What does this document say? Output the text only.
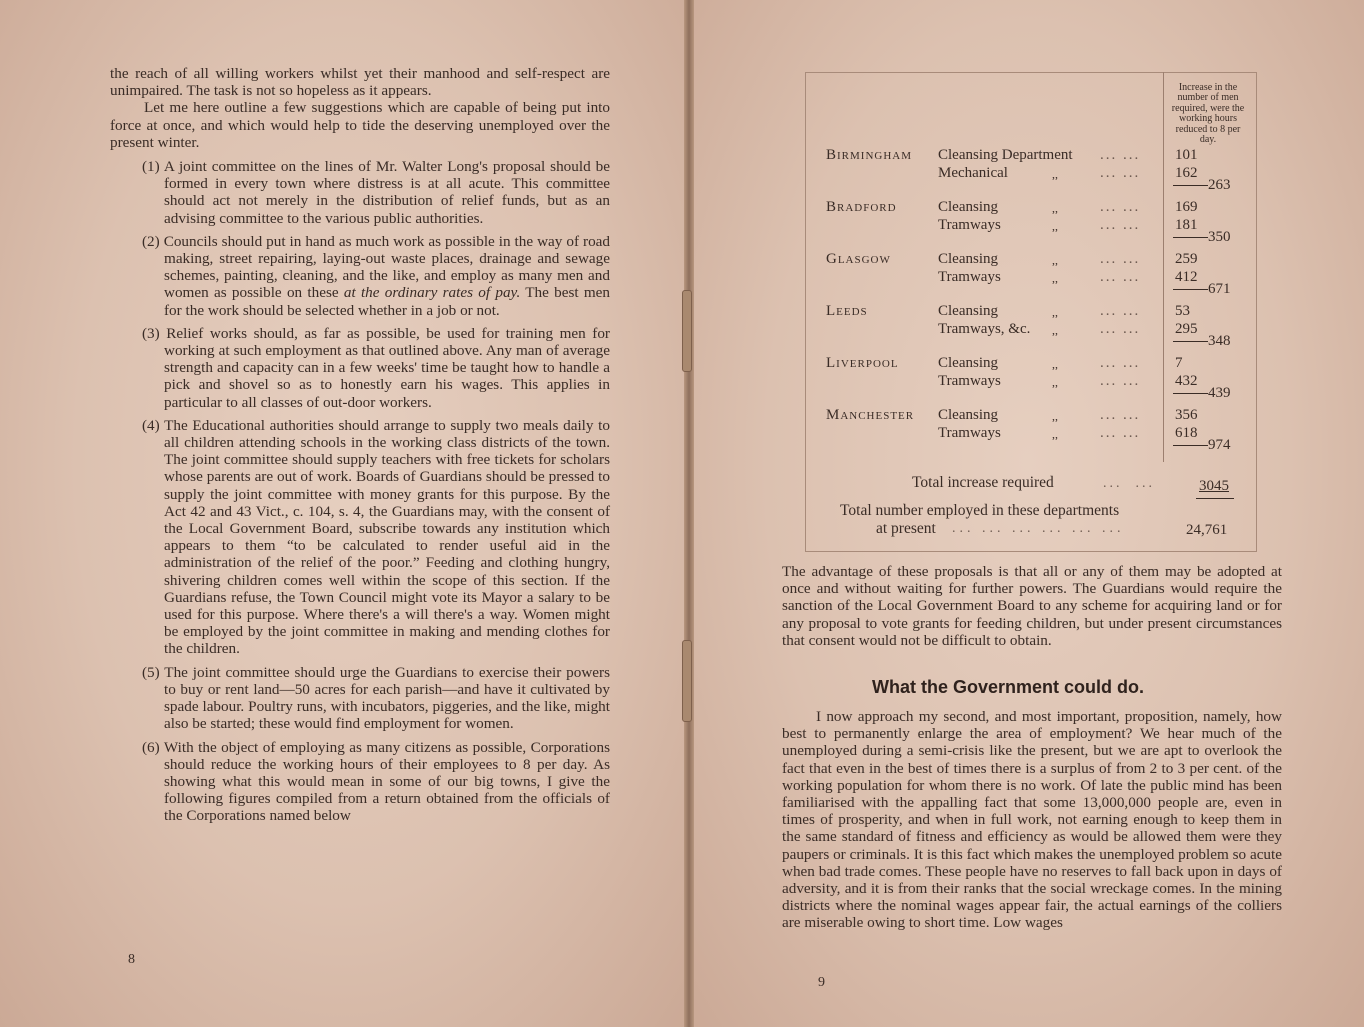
the reach of all willing workers whilst yet their manhood and self-respect are unimpaired. The task is not so hopeless as it appears.

Let me here outline a few suggestions which are capable of being put into force at once, and which would help to tide the deserving unemployed over the present winter.

(1) A joint committee on the lines of Mr. Walter Long's proposal should be formed in every town where distress is at all acute. This committee should act not merely in the distribution of relief funds, but as an advising committee to the various public authorities.

(2) Councils should put in hand as much work as possible in the way of road making, street repairing, laying-out waste places, drainage and sewage schemes, painting, cleaning, and the like, and employ as many men and women as possible on these at the ordinary rates of pay. The best men for the work should be selected whether in a job or not.

(3) Relief works should, as far as possible, be used for training men for working at such employment as that outlined above. Any man of average strength and capacity can in a few weeks' time be taught how to handle a pick and shovel so as to honestly earn his wages. This applies in particular to all classes of out-door workers.

(4) The Educational authorities should arrange to supply two meals daily to all children attending schools in the working class districts of the town. The joint committee should supply teachers with free tickets for scholars whose parents are out of work. Boards of Guardians should be pressed to supply the joint committee with money grants for this purpose. By the Act 42 and 43 Vict., c. 104, s. 4, the Guardians may, with the consent of the Local Government Board, subscribe towards any institution which appears to them “to be calculated to render useful aid in the administration of the relief of the poor.” Feeding and clothing hungry, shivering children comes well within the scope of this section. If the Guardians refuse, the Town Council might vote its Mayor a salary to be used for this purpose. Where there's a will there's a way. Women might be employed by the joint committee in making and mending clothes for the children.

(5) The joint committee should urge the Guardians to exercise their powers to buy or rent land—50 acres for each parish—and have it cultivated by spade labour. Poultry runs, with incubators, piggeries, and the like, might also be started; these would find employment for women.

(6) With the object of employing as many citizens as possible, Corporations should reduce the working hours of their employees to 8 per day. As showing what this would mean in some of our big towns, I give the following figures compiled from a return obtained from the officials of the Corporations named below

8
Increase in the number of men required, were the working hours reduced to 8 per day.
Birmingham Cleansing Department ... ... 101
Mechanical	,,	... ... 162
263
Bradford	Cleansing	,,	... ... 169
Tramways	,,	... ... 181
350
Glasgow	Cleansing	,,	... ... 259
Tramways	,,	... ... 412
671
Leeds	Cleansing	,,	... ... 53
Tramways, &c. ,,	... ... 295
348
Liverpool	Cleansing	,,	... ... 7
Tramways	,,	... ... 432
439
Manchester Cleansing	,,	... ... 356
Tramways	,,	... ... 618
974
Total increase required	...  ...	3045
Total number employed in these departments
at present ... ... ... ... ... ...	24,761
The advantage of these proposals is that all or any of them may be adopted at once and without waiting for further powers. The Guardians would require the sanction of the Local Government Board to any scheme for acquiring land or for any proposal to vote grants for feeding children, but under present circumstances that consent would not be difficult to obtain.
What the Government could do.
I now approach my second, and most important, proposition, namely, how best to permanently enlarge the area of employment? We hear much of the unemployed during a semi-crisis like the present, but we are apt to overlook the fact that even in the best of times there is a surplus of from 2 to 3 per cent. of the working population for whom there is no work. Of late the public mind has been familiarised with the appalling fact that some 13,000,000 people are, even in times of prosperity, and when in full work, not earning enough to keep them in the same standard of fitness and efficiency as would be allowed them were they paupers or criminals. It is this fact which makes the unemployed problem so acute when bad trade comes. These people have no reserves to fall back upon in days of adversity, and it is from their ranks that the social wreckage comes. In the mining districts where the nominal wages appear fair, the actual earnings of the colliers are miserable owing to short time. Low wages
9
